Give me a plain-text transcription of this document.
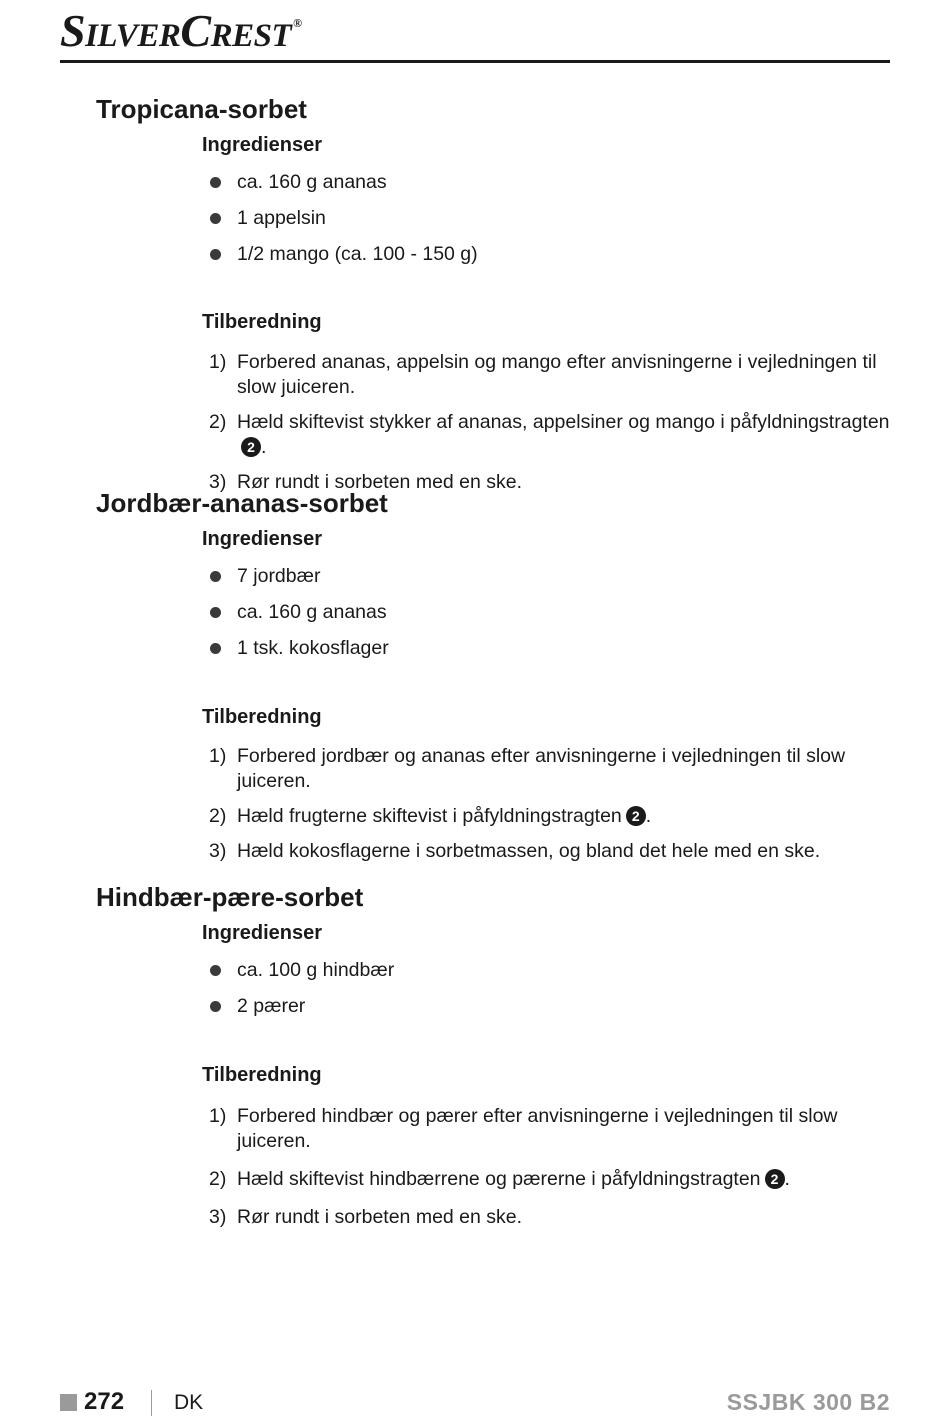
SILVERCREST ®
Tropicana-sorbet
Ingredienser
ca. 160 g ananas
1 appelsin
1/2 mango (ca. 100 - 150 g)
Tilberedning
1) Forbered ananas, appelsin og mango efter anvisningerne i vejledningen til slow juiceren.
2) Hæld skiftevist stykker af ananas, appelsiner og mango i påfyldningstragten2 .
3) Rør rundt i sorbeten med en ske.
Jordbær-ananas-sorbet
Ingredienser
7 jordbær
ca. 160 g ananas
1 tsk. kokosflager
Tilberedning
1) Forbered jordbær og ananas efter anvisningerne i vejledningen til slow juiceren.
2) Hæld frugterne skiftevist i påfyldningstragten 2 .
3) Hæld kokosflagerne i sorbetmassen, og bland det hele med en ske.
Hindbær-pære-sorbet
Ingredienser
ca. 100 g hindbær
2 pærer
Tilberedning
1) Forbered hindbær og pærer efter anvisningerne i vejledningen til slow juiceren.
2) Hæld skiftevist hindbærrene og pærerne i påfyldningstragten 2 .
3) Rør rundt i sorbeten med en ske.
272 DK	SSJBK 300 B2
